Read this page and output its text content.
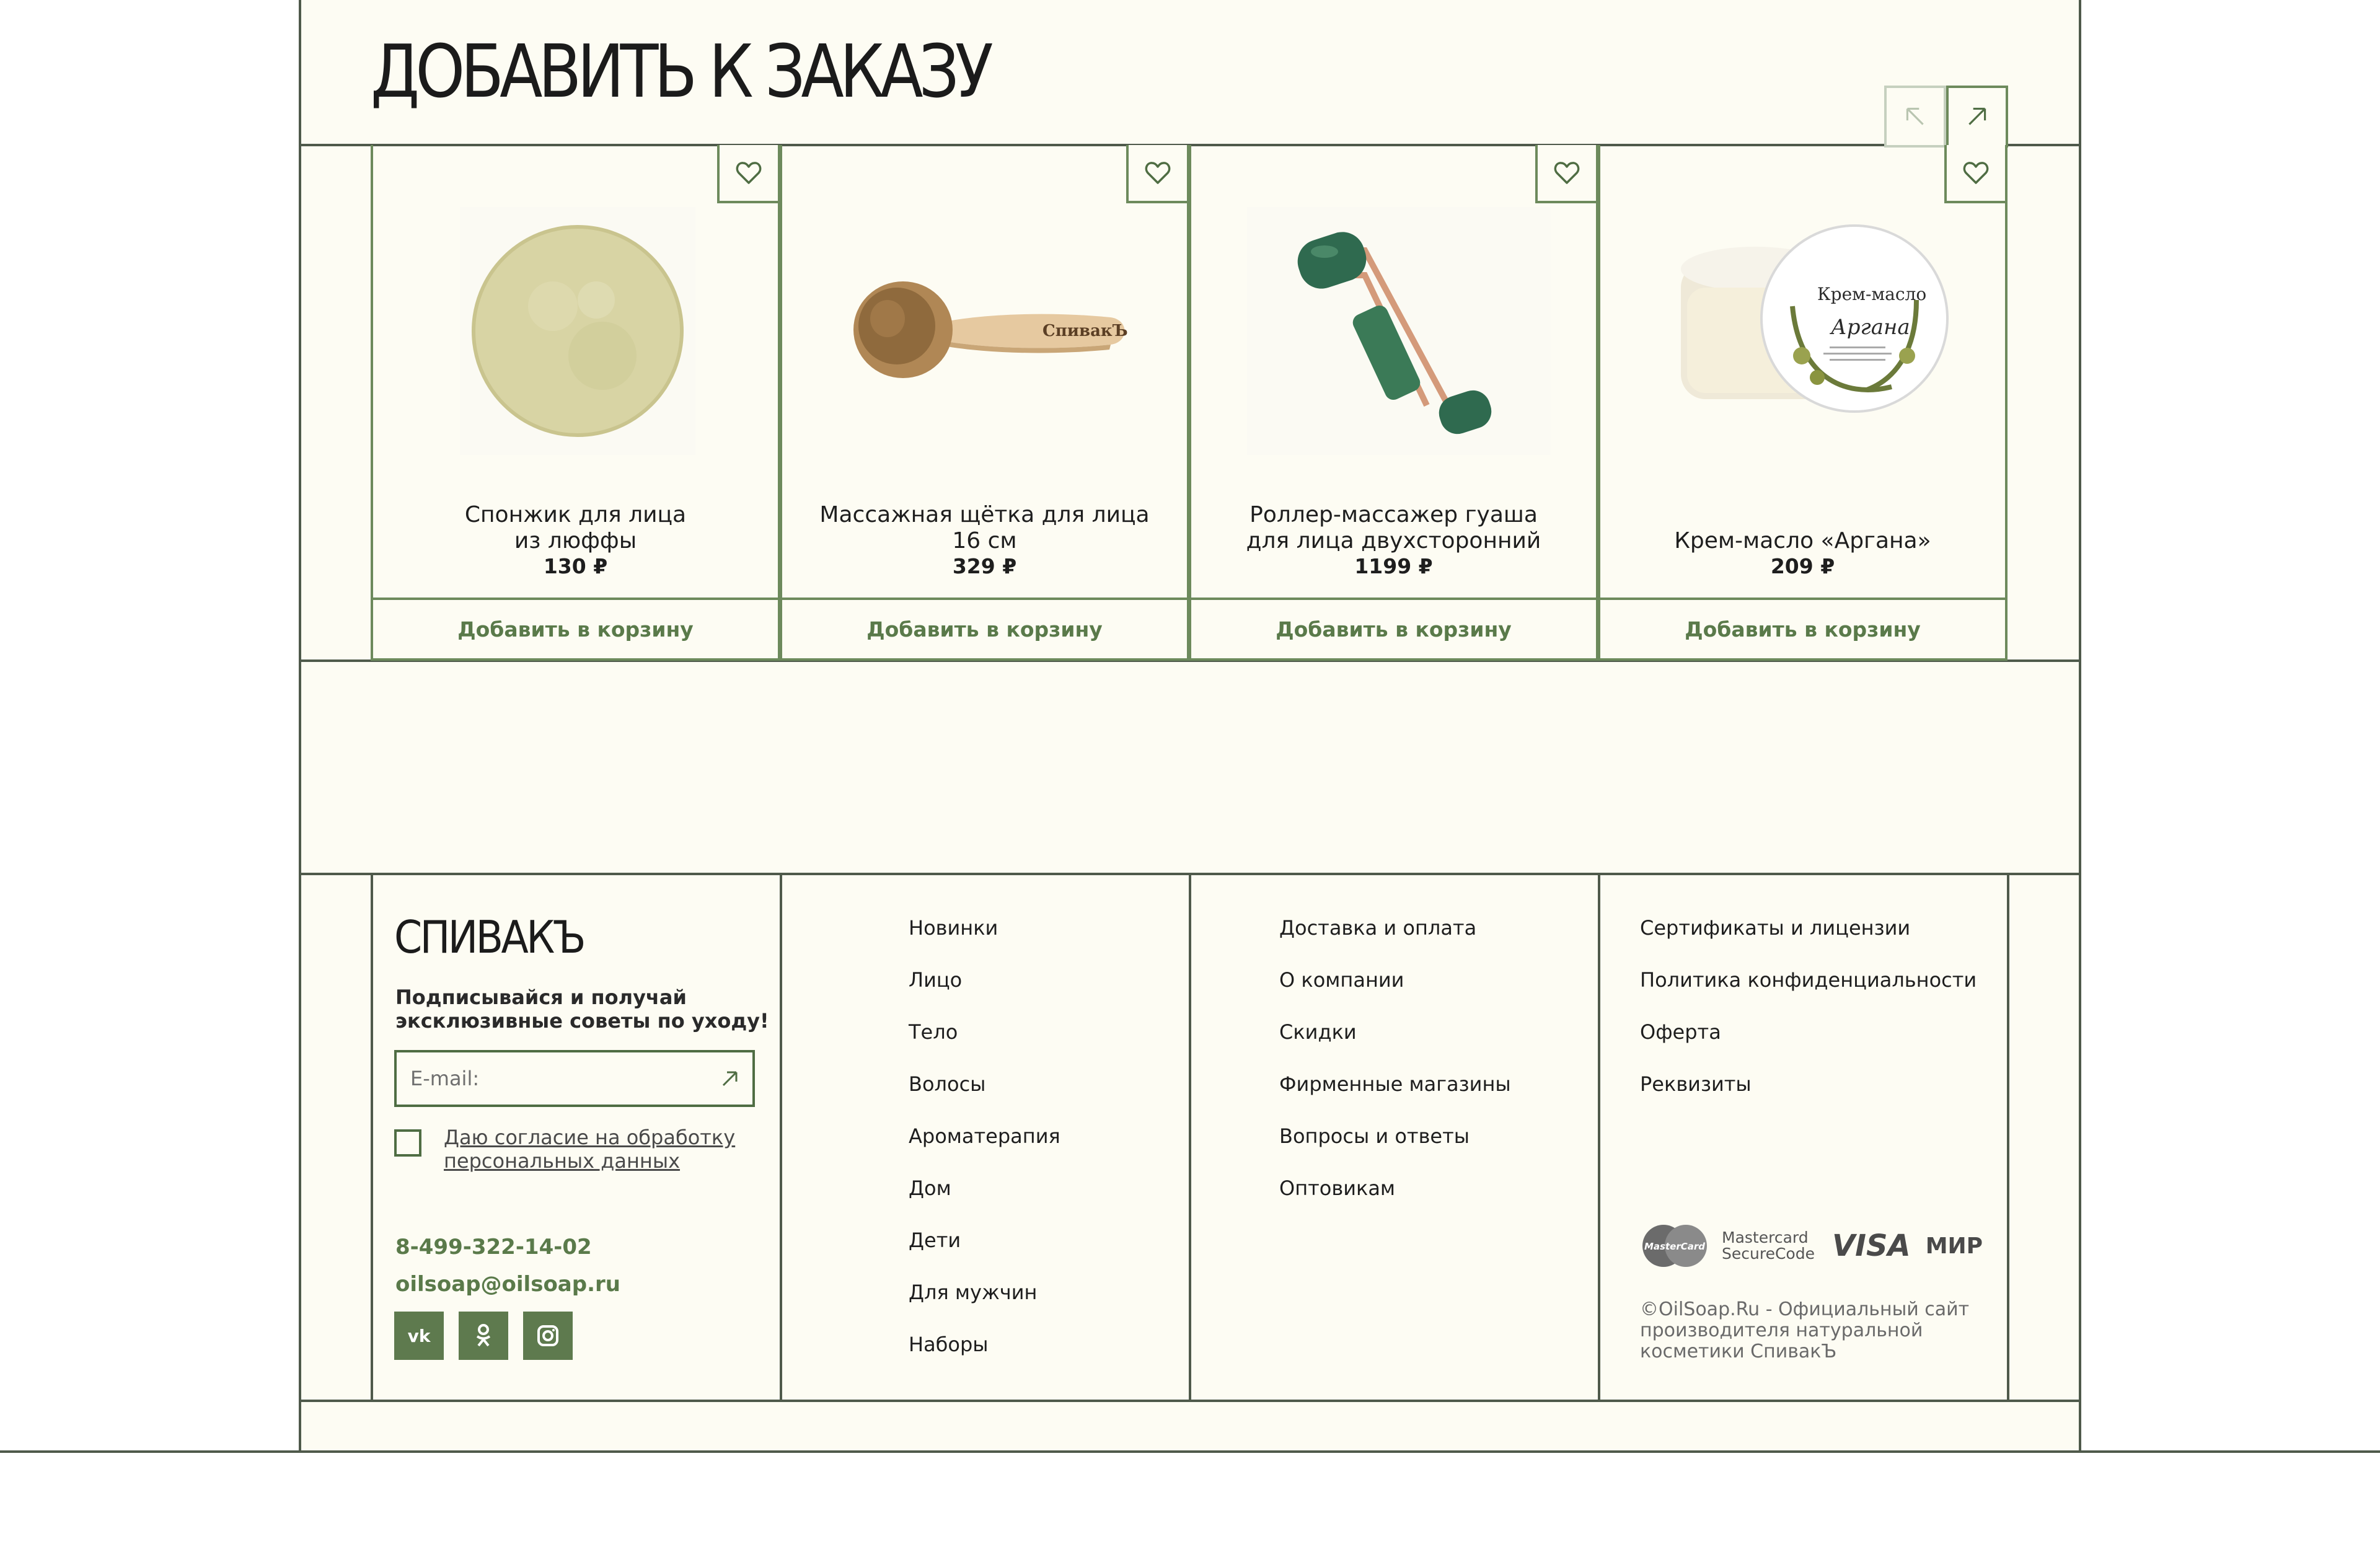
ДОБАВИТЬ К ЗАКАЗУ
Спонжик для лица
из люффы
130 ₽
Добавить в корзину
СпивакЪ
Массажная щётка для лица
16 см
329 ₽
Добавить в корзину
Роллер-массажер гуаша
для лица двухсторонний
1199 ₽
Добавить в корзину
Крем-масло
Аргана
Крем-масло «Аргана»
209 ₽
Добавить в корзину
СПИВАКЪ
Подписывайся и получай эксклюзивные советы по уходу!
E-mail:
Даю согласие на обработку персональных данных
8-499-322-14-02
oilsoap@oilsoap.ru
vk
Новинки
Лицо
Тело
Волосы
Ароматерапия
Дом
Дети
Для мужчин
Наборы
Доставка и оплата
О компании
Скидки
Фирменные магазины
Вопросы и ответы
Оптовикам
Сертификаты и лицензии
Политика конфиденциальности
Оферта
Реквизиты
MasterCard Mastercard
SecureCode VISA МИР
©OilSoap.Ru - Официальный сайт производителя натуральной косметики СпивакЪ
